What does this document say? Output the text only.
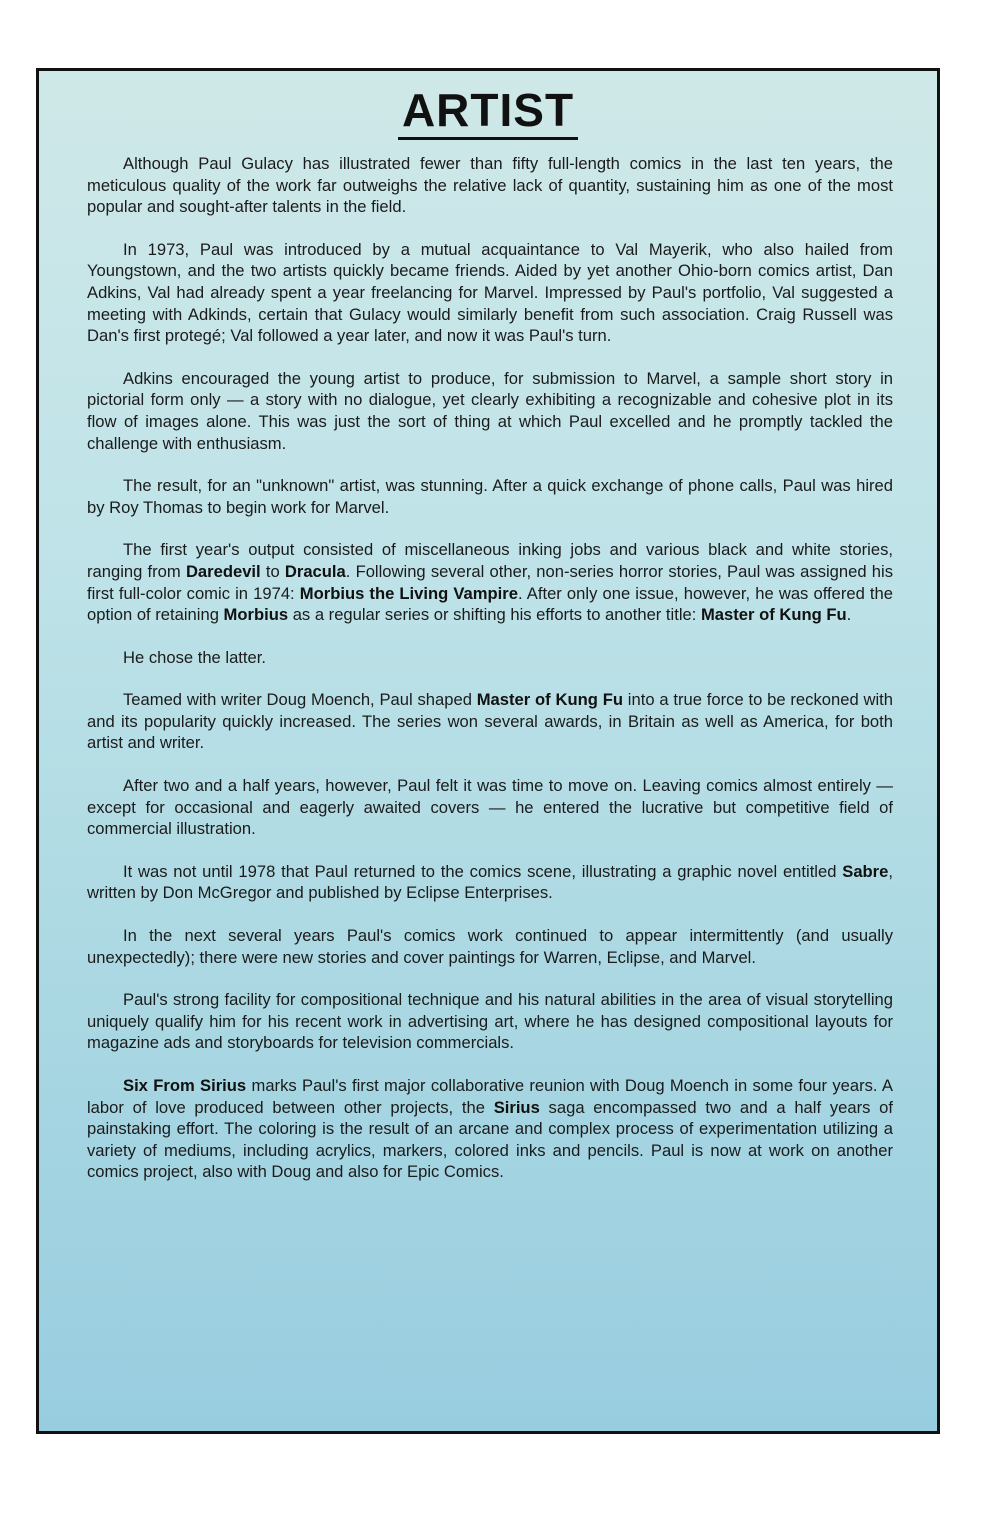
ARTIST

Although Paul Gulacy has illustrated fewer than fifty full-length comics in the last ten years, the meticulous quality of the work far outweighs the relative lack of quantity, sustaining him as one of the most popular and sought-after talents in the field.

In 1973, Paul was introduced by a mutual acquaintance to Val Mayerik, who also hailed from Youngstown, and the two artists quickly became friends. Aided by yet another Ohio-born comics artist, Dan Adkins, Val had already spent a year freelancing for Marvel. Impressed by Paul's portfolio, Val suggested a meeting with Adkinds, certain that Gulacy would similarly benefit from such association. Craig Russell was Dan's first protegé; Val followed a year later, and now it was Paul's turn.

Adkins encouraged the young artist to produce, for submission to Marvel, a sample short story in pictorial form only — a story with no dialogue, yet clearly exhibiting a recognizable and cohesive plot in its flow of images alone. This was just the sort of thing at which Paul excelled and he promptly tackled the challenge with enthusiasm.

The result, for an "unknown" artist, was stunning. After a quick exchange of phone calls, Paul was hired by Roy Thomas to begin work for Marvel.

The first year's output consisted of miscellaneous inking jobs and various black and white stories, ranging from Daredevil to Dracula. Following several other, non-series horror stories, Paul was assigned his first full-color comic in 1974: Morbius the Living Vampire. After only one issue, however, he was offered the option of retaining Morbius as a regular series or shifting his efforts to another title: Master of Kung Fu.

He chose the latter.

Teamed with writer Doug Moench, Paul shaped Master of Kung Fu into a true force to be reckoned with and its popularity quickly increased. The series won several awards, in Britain as well as America, for both artist and writer.

After two and a half years, however, Paul felt it was time to move on. Leaving comics almost entirely — except for occasional and eagerly awaited covers — he entered the lucrative but competitive field of commercial illustration.

It was not until 1978 that Paul returned to the comics scene, illustrating a graphic novel entitled Sabre, written by Don McGregor and published by Eclipse Enterprises.

In the next several years Paul's comics work continued to appear intermittently (and usually unexpectedly); there were new stories and cover paintings for Warren, Eclipse, and Marvel.

Paul's strong facility for compositional technique and his natural abilities in the area of visual storytelling uniquely qualify him for his recent work in advertising art, where he has designed compositional layouts for magazine ads and storyboards for television commercials.

Six From Sirius marks Paul's first major collaborative reunion with Doug Moench in some four years. A labor of love produced between other projects, the Sirius saga encompassed two and a half years of painstaking effort. The coloring is the result of an arcane and complex process of experimentation utilizing a variety of mediums, including acrylics, markers, colored inks and pencils. Paul is now at work on another comics project, also with Doug and also for Epic Comics.
